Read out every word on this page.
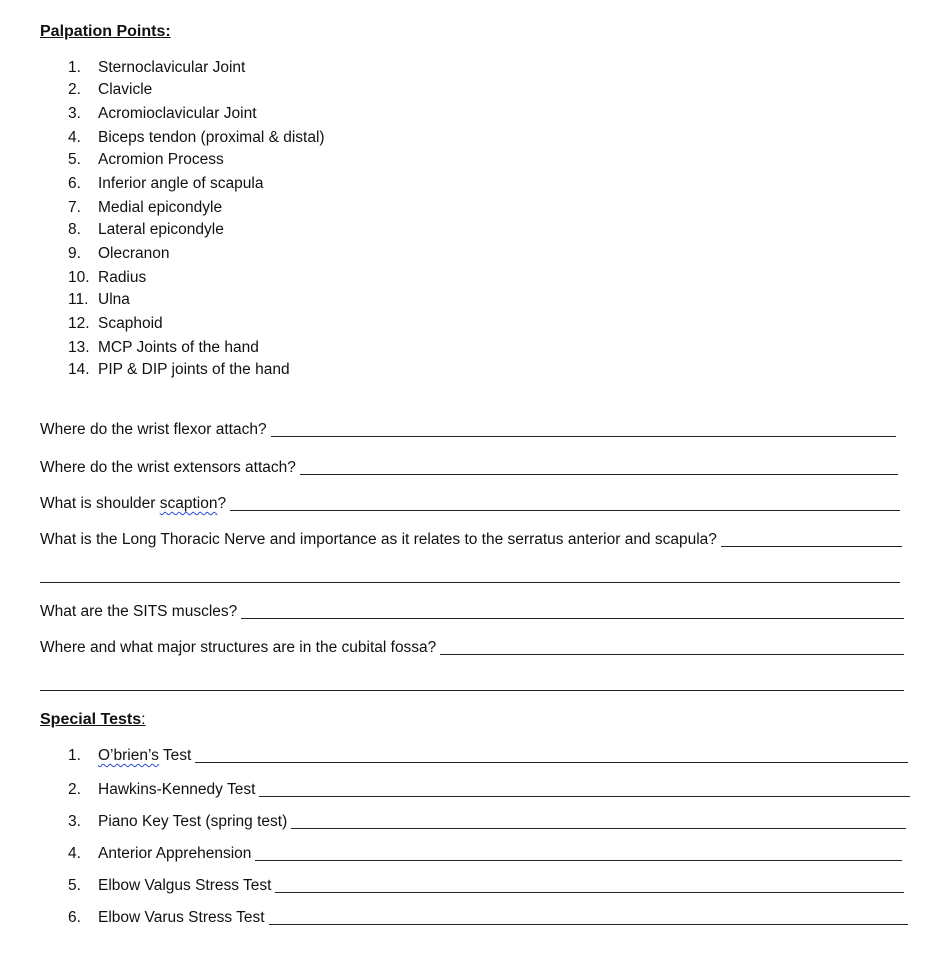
Palpation Points:
1. Sternoclavicular Joint
2. Clavicle
3. Acromioclavicular Joint
4. Biceps tendon (proximal & distal)
5. Acromion Process
6. Inferior angle of scapula
7. Medial epicondyle
8. Lateral epicondyle
9. Olecranon
10. Radius
11. Ulna
12. Scaphoid
13. MCP Joints of the hand
14. PIP & DIP joints of the hand
Where do the wrist flexor attach?
Where do the wrist extensors attach?
What is shoulder scaption?
What is the Long Thoracic Nerve and importance as it relates to the serratus anterior and scapula?
What are the SITS muscles?
Where and what major structures are in the cubital fossa?
Special Tests:
1.	O’brien’s Test
2.	Hawkins-Kennedy Test
3.	Piano Key Test (spring test)
4.	Anterior Apprehension
5.	Elbow Valgus Stress Test
6.	Elbow Varus Stress Test
